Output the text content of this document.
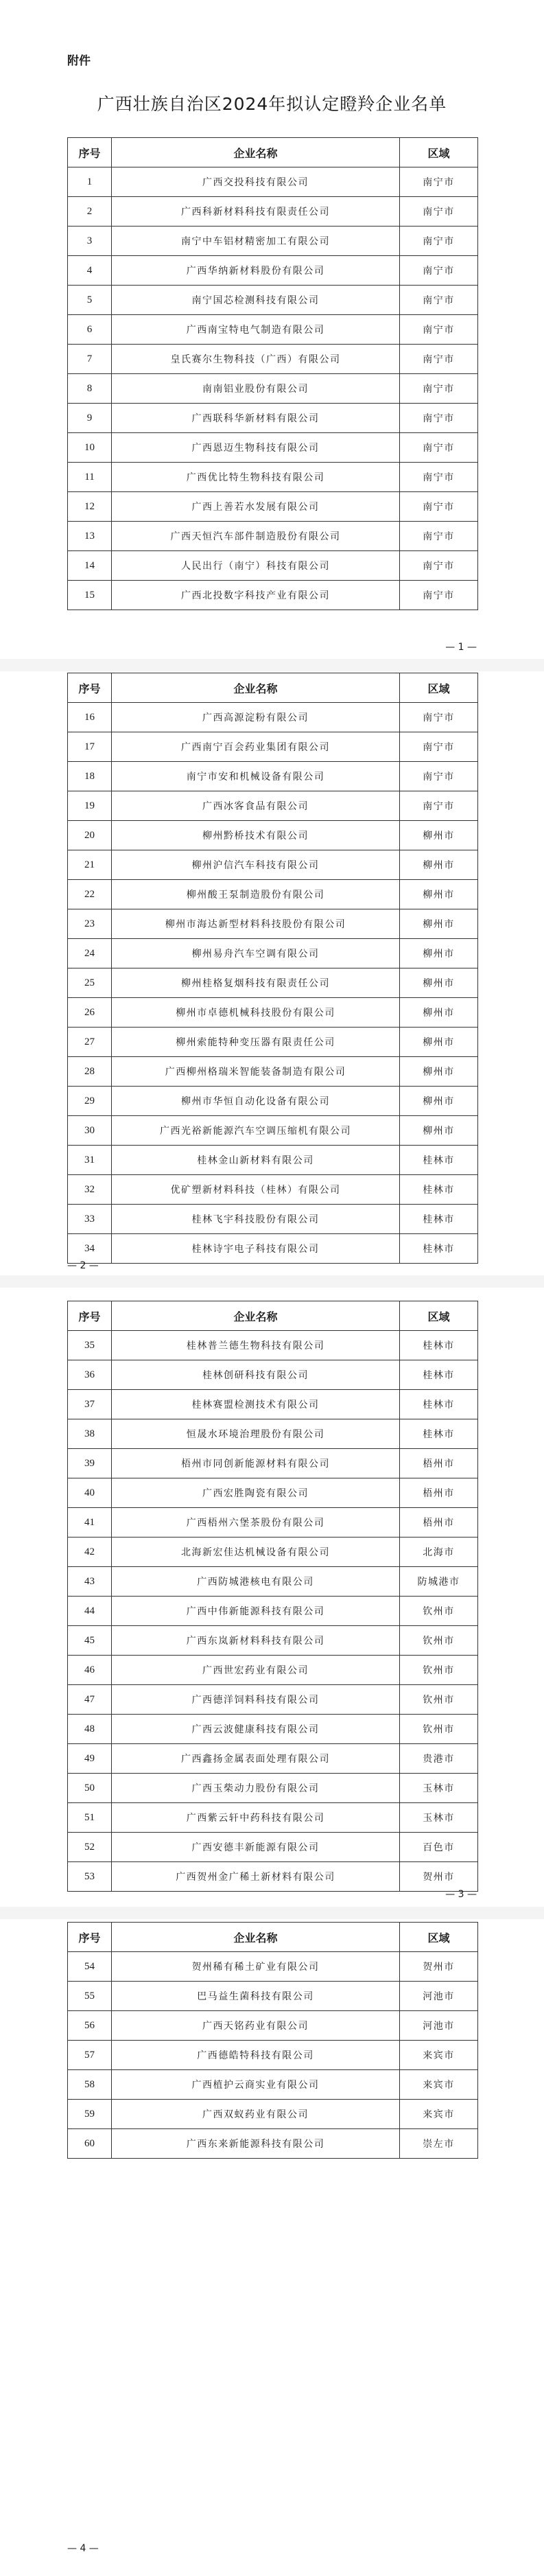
附件
广西壮族自治区2024年拟认定瞪羚企业名单
序号	企业名称	区域
1	广西交投科技有限公司	南宁市
2	广西科新材料科技有限责任公司	南宁市
3	南宁中车铝材精密加工有限公司	南宁市
4	广西华纳新材料股份有限公司	南宁市
5	南宁国芯检测科技有限公司	南宁市
6	广西南宝特电气制造有限公司	南宁市
7	皇氏赛尔生物科技（广西）有限公司	南宁市
8	南南铝业股份有限公司	南宁市
9	广西联科华新材料有限公司	南宁市
10	广西恩迈生物科技有限公司	南宁市
11	广西优比特生物科技有限公司	南宁市
12	广西上善若水发展有限公司	南宁市
13	广西天恒汽车部件制造股份有限公司	南宁市
14	人民出行（南宁）科技有限公司	南宁市
15	广西北投数字科技产业有限公司	南宁市
— 1 —
序号	企业名称	区域
16	广西高源淀粉有限公司	南宁市
17	广西南宁百会药业集团有限公司	南宁市
18	南宁市安和机械设备有限公司	南宁市
19	广西冰客食品有限公司	南宁市
20	柳州黔桥技术有限公司	柳州市
21	柳州沪信汽车科技有限公司	柳州市
22	柳州酸王泵制造股份有限公司	柳州市
23	柳州市海达新型材料科技股份有限公司	柳州市
24	柳州易舟汽车空调有限公司	柳州市
25	柳州桂格复烟科技有限责任公司	柳州市
26	柳州市卓德机械科技股份有限公司	柳州市
27	柳州索能特种变压器有限责任公司	柳州市
28	广西柳州格瑞米智能装备制造有限公司	柳州市
29	柳州市华恒自动化设备有限公司	柳州市
30	广西光裕新能源汽车空调压缩机有限公司	柳州市
31	桂林金山新材料有限公司	桂林市
32	优矿塑新材料科技（桂林）有限公司	桂林市
33	桂林飞宇科技股份有限公司	桂林市
34	桂林诗宇电子科技有限公司	桂林市
— 2 —
序号	企业名称	区域
35	桂林普兰德生物科技有限公司	桂林市
36	桂林创研科技有限公司	桂林市
37	桂林赛盟检测技术有限公司	桂林市
38	恒晟水环境治理股份有限公司	桂林市
39	梧州市同创新能源材料有限公司	梧州市
40	广西宏胜陶瓷有限公司	梧州市
41	广西梧州六堡茶股份有限公司	梧州市
42	北海新宏佳达机械设备有限公司	北海市
43	广西防城港核电有限公司	防城港市
44	广西中伟新能源科技有限公司	钦州市
45	广西东岚新材料科技有限公司	钦州市
46	广西世宏药业有限公司	钦州市
47	广西德洋饲料科技有限公司	钦州市
48	广西云波健康科技有限公司	钦州市
49	广西鑫扬金属表面处理有限公司	贵港市
50	广西玉柴动力股份有限公司	玉林市
51	广西紫云轩中药科技有限公司	玉林市
52	广西安德丰新能源有限公司	百色市
53	广西贺州金广稀土新材料有限公司	贺州市
— 3 —
序号	企业名称	区域
54	贺州稀有稀土矿业有限公司	贺州市
55	巴马益生菌科技有限公司	河池市
56	广西天铭药业有限公司	河池市
57	广西德皓特科技有限公司	来宾市
58	广西植护云商实业有限公司	来宾市
59	广西双蚁药业有限公司	来宾市
60	广西东来新能源科技有限公司	崇左市
— 4 —
